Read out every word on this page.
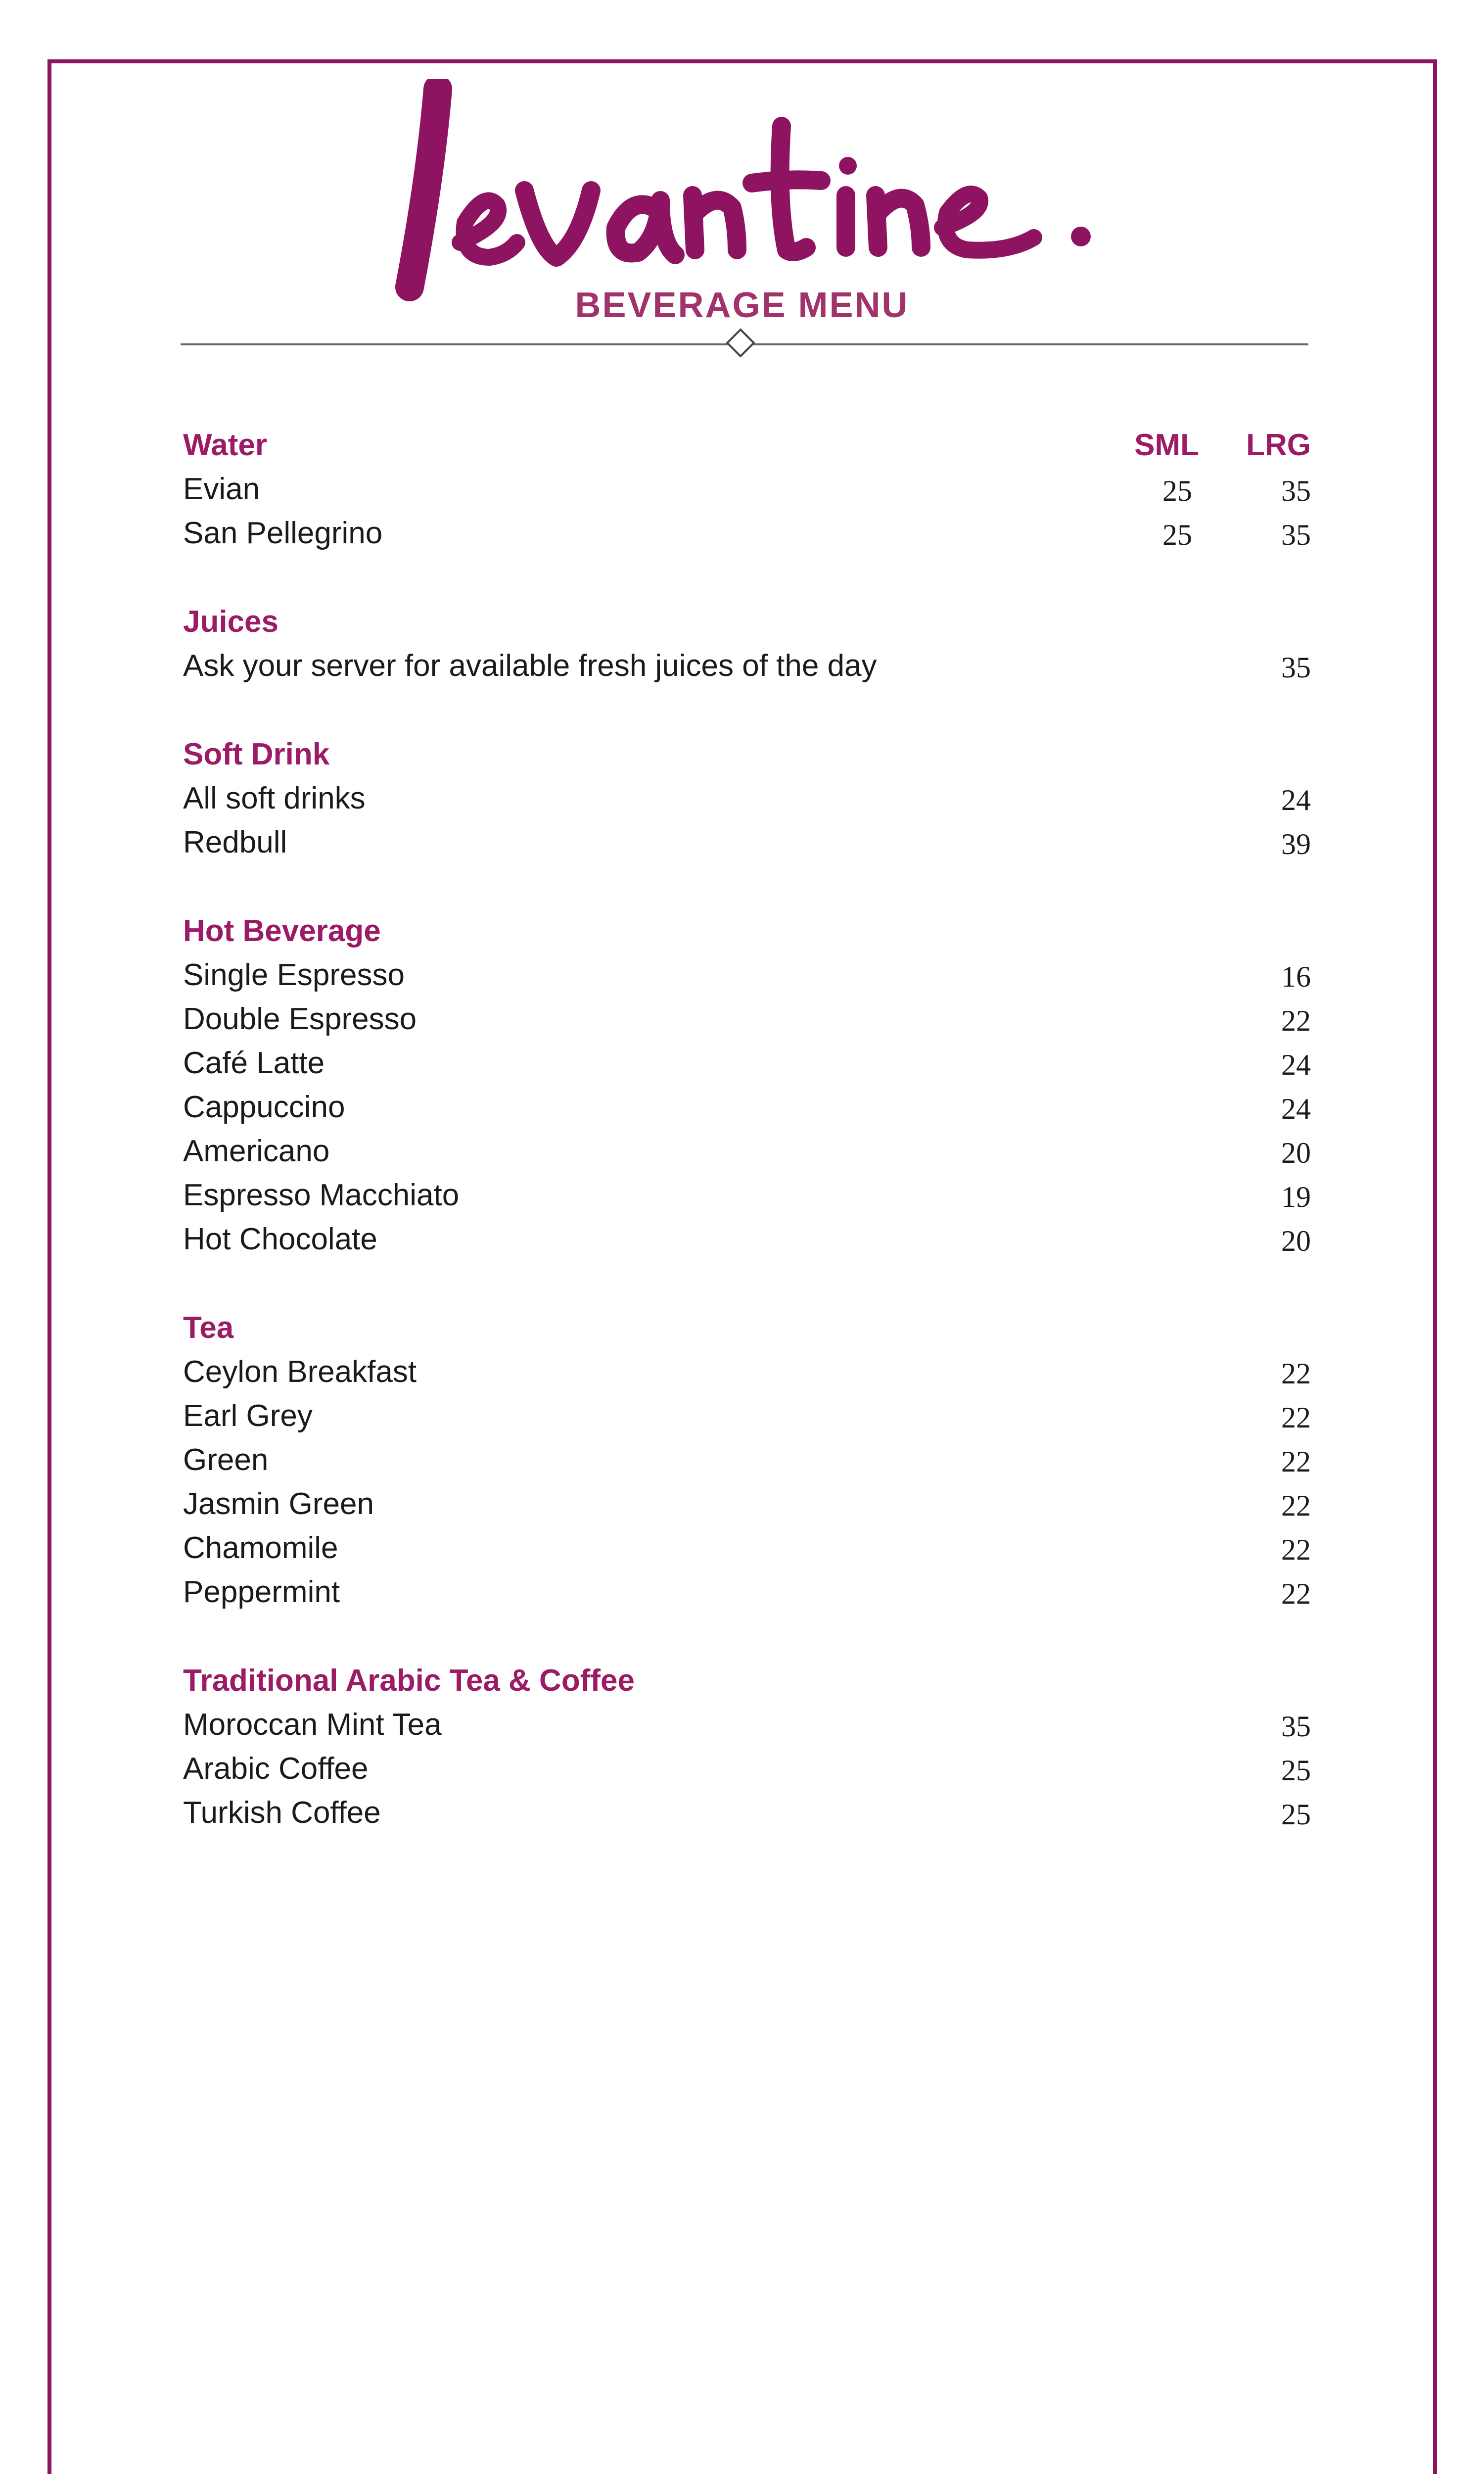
BEVERAGE MENU
Water	SML LRG
Evian	25	35
San Pellegrino	25	35
Juices
Ask your server for available fresh juices of the day	35
Soft Drink
All soft drinks	24
Redbull	39
Hot Beverage
Single Espresso	16
Double Espresso	22
Café Latte	24
Cappuccino	24
Americano	20
Espresso Macchiato	19
Hot Chocolate	20
Tea
Ceylon Breakfast	22
Earl Grey	22
Green	22
Jasmin Green	22
Chamomile	22
Peppermint	22
Traditional Arabic Tea & Coffee
Moroccan Mint Tea	35
Arabic Coffee	25
Turkish Coffee	25
